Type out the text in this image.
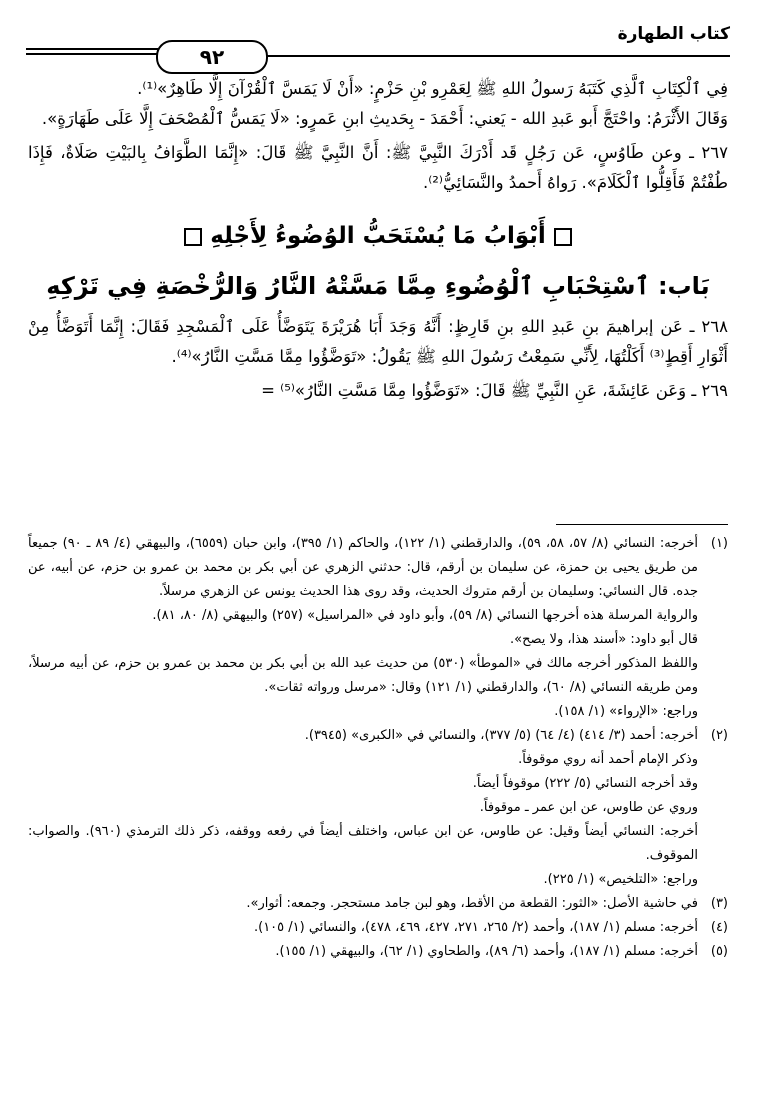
كتاب الطهارة
٩٢

فِي ٱلْكِتَابِ ٱلَّذِي كَتَبَهُ رَسولُ اللهِ ﷺ لِعَمْرِو بْنِ حَزْمٍ: «أَنْ لَا يَمَسَّ ٱلْقُرْآنَ إِلَّا طَاهِرٌ»⁽¹⁾.

وَقَالَ الأَثْرَمُ: واحْتَجَّ أَبو عَبدِ الله - يَعني: أَحْمَدَ - بِحَديثِ ابنِ عَمرٍو: «لَا يَمَسُّ ٱلْمُصْحَفَ إِلَّا عَلَى طَهَارَةٍ».

٢٦٧ ـ وعن طَاوُسٍ، عَن رَجُلٍ قَد أَدْرَكَ النَّبِيَّ ﷺ: أَنَّ النَّبِيَّ ﷺ قَالَ: «إِنَّمَا الطَّوَافُ بِالبَيْتِ صَلَاةٌ، فَإِذَا طُفْتُمْ فَأَقِلُّوا ٱلْكَلَامَ». رَواهُ أَحمدُ والنَّسَائِيُّ⁽²⁾.

أَبْوَابُ مَا يُسْتَحَبُّ الوُضُوءُ لِأَجْلِهِ
بَاب: ٱسْتِحْبَابِ ٱلْوُضُوءِ مِمَّا مَسَّتْهُ النَّارُ وَالرُّخْصَةِ فِي تَرْكِهِ

٢٦٨ ـ عَن إبراهيمَ بنِ عَبدِ اللهِ بنِ قَارِظٍ: أَنَّهُ وَجَدَ أَبَا هُرَيْرَةَ يَتَوَضَّأُ عَلَى ٱلْمَسْجِدِ فَقَالَ: إِنَّمَا أَتَوَضَّأُ مِنْ أَثْوَارِ أَقِطٍ⁽³⁾ أَكَلْتُهَا، لِأَنِّي سَمِعْتُ رَسُولَ اللهِ ﷺ يَقُولُ: «تَوَضَّؤُوا مِمَّا مَسَّتِ النَّارُ»⁽⁴⁾.

٢٦٩ ـ وَعَن عَائِشَةَ، عَنِ النَّبِيِّ ﷺ قَالَ: «تَوَضَّؤُوا مِمَّا مَسَّتِ النَّارُ»⁽⁵⁾ =

(١)

أخرجه: النسائي (٨/ ٥٧، ٥٨، ٥٩)، والدارقطني (١/ ١٢٢)، والحاكم (١/ ٣٩٥)، وابن حبان (٦٥٥٩)، والبيهقي (٤/ ٨٩ ـ ٩٠) جميعاً من طريق يحيى بن حمزة، عن سليمان بن أرقم، قال: حدثني الزهري عن أبي بكر بن محمد بن عمرو بن حزم، عن أبيه، عن جده. قال النسائي: وسليمان بن أرقم متروك الحديث، وقد روى هذا الحديث يونس عن الزهري مرسلاً.

والرواية المرسلة هذه أخرجها النسائي (٨/ ٥٩)، وأبو داود في «المراسيل» (٢٥٧) والبيهقي (٨/ ٨٠، ٨١).

قال أبو داود: «أسند هذا، ولا يصح».

واللفظ المذكور أخرجه مالك في «الموطأ» (٥٣٠) من حديث عبد الله بن أبي بكر بن محمد بن عمرو بن حزم، عن أبيه مرسلاً، ومن طريقه النسائي (٨/ ٦٠)، والدارقطني (١/ ١٢١) وقال: «مرسل ورواته ثقات».

وراجع: «الإرواء» (١/ ١٥٨).

(٢)

أخرجه: أحمد (٣/ ٤١٤) (٤/ ٦٤) (٥/ ٣٧٧)، والنسائي في «الكبرى» (٣٩٤٥).

وذكر الإمام أحمد أنه روي موقوفاً.

وقد أخرجه النسائي (٥/ ٢٢٢) موقوفاً أيضاً.

وروي عن طاوس، عن ابن عمر ـ موقوفاً.

أخرجه: النسائي أيضاً وقيل: عن طاوس، عن ابن عباس، واختلف أيضاً في رفعه ووقفه، ذكر ذلك الترمذي (٩٦٠). والصواب: الموقوف.

وراجع: «التلخيص» (١/ ٢٢٥).

(٣)

في حاشية الأصل: «الثور: القطعة من الأقط، وهو لبن جامد مستحجر. وجمعه: أثوار».

(٤)

أخرجه: مسلم (١/ ١٨٧)، وأحمد (٢/ ٢٦٥، ٢٧١، ٤٢٧، ٤٦٩، ٤٧٨)، والنسائي (١/ ١٠٥).

(٥)

أخرجه: مسلم (١/ ١٨٧)، وأحمد (٦/ ٨٩)، والطحاوي (١/ ٦٢)، والبيهقي (١/ ١٥٥).
